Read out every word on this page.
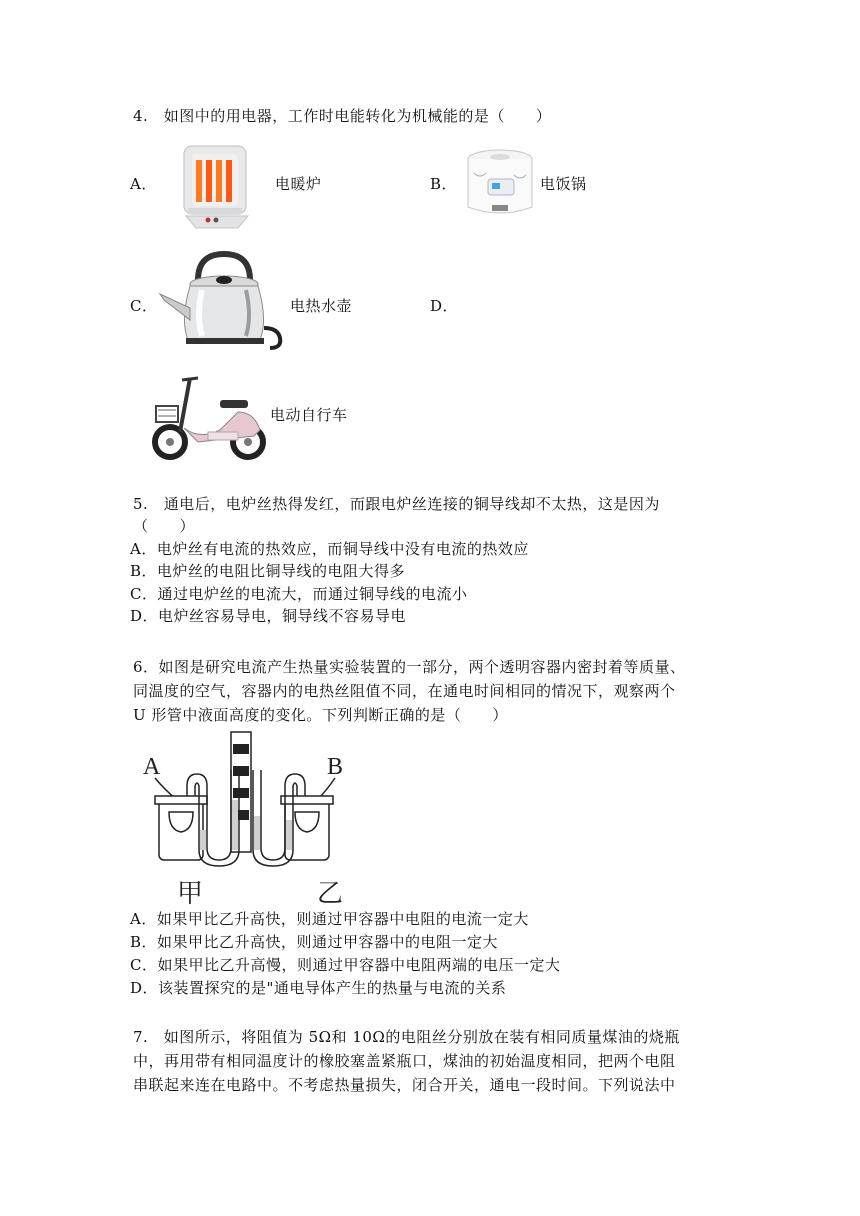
4.　如图中的用电器，工作时电能转化为机械能的是（　　）
A．	电暖炉	B．	电饭锅
C．	电热水壶	D．
电动自行车
5.　通电后，电炉丝热得发红，而跟电炉丝连接的铜导线却不太热，这是因为
（　　）
A．电炉丝有电流的热效应，而铜导线中没有电流的热效应
B．电炉丝的电阻比铜导线的电阻大得多
C．通过电炉丝的电流大，而通过铜导线的电流小
D．电炉丝容易导电，铜导线不容易导电
6．如图是研究电流产生热量实验装置的一部分，两个透明容器内密封着等质量、
同温度的空气，容器内的电热丝阻值不同，在通电时间相同的情况下，观察两个
U 形管中液面高度的变化。下列判断正确的是（　　）
A	B
甲	乙
A．如果甲比乙升高快，则通过甲容器中电阻的电流一定大
B．如果甲比乙升高快，则通过甲容器中的电阻一定大
C．如果甲比乙升高慢，则通过甲容器中电阻两端的电压一定大
D．该装置探究的是"通电导体产生的热量与电流的关系
7.　如图所示，将阻值为 5Ω和 10Ω的电阻丝分别放在装有相同质量煤油的烧瓶
中，再用带有相同温度计的橡胶塞盖紧瓶口，煤油的初始温度相同，把两个电阻
串联起来连在电路中。不考虑热量损失，闭合开关，通电一段时间。下列说法中
